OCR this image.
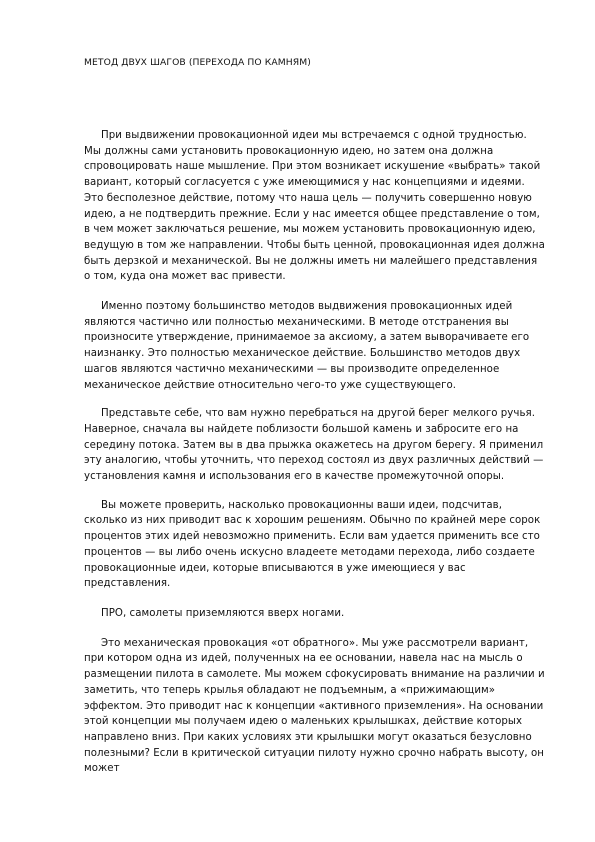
МЕТОД ДВУХ ШАГОВ (ПЕРЕХОДА ПО КАМНЯМ)

При выдвижении провокационной идеи мы встречаемся с одной трудностью. Мы должны сами установить провокационную идею, но затем она должна спровоцировать наше мышление. При этом возникает искушение «выбрать» такой вариант, который согласуется с уже имеющимися у нас концепциями и идеями. Это бесполезное действие, потому что наша цель — получить совершенно новую идею, а не подтвердить прежние. Если у нас имеется общее представление о том, в чем может заключаться решение, мы можем установить провокационную идею, ведущую в том же направлении. Чтобы быть ценной, провокационная идея должна быть дерзкой и механической. Вы не должны иметь ни малейшего представления о том, куда она может вас привести.

Именно поэтому большинство методов выдвижения провокационных идей являются частично или полностью механическими. В методе отстранения вы произносите утверждение, принимаемое за аксиому, а затем выворачиваете его наизнанку. Это полностью механическое действие. Большинство методов двух шагов являются частично механическими — вы производите определенное механическое действие относительно чего-то уже существующего.

Представьте себе, что вам нужно перебраться на другой берег мелкого ручья. Наверное, сначала вы найдете поблизости большой камень и забросите его на середину потока. Затем вы в два прыжка окажетесь на другом берегу. Я применил эту аналогию, чтобы уточнить, что переход состоял из двух различных действий — установления камня и использования его в качестве промежуточной опоры.

Вы можете проверить, насколько провокационны ваши идеи, подсчитав, сколько из них приводит вас к хорошим решениям. Обычно по крайней мере сорок процентов этих идей невозможно применить. Если вам удается применить все сто процентов — вы либо очень искусно владеете методами перехода, либо создаете провокационные идеи, которые вписываются в уже имеющиеся у вас представления.

ПРО, самолеты приземляются вверх ногами.

Это механическая провокация «от обратного». Мы уже рассмотрели вариант, при котором одна из идей, полученных на ее основании, навела нас на мысль о размещении пилота в самолете. Мы можем сфокусировать внимание на различии и заметить, что теперь крылья обладают не подъемным, а «прижимающим» эффектом. Это приводит нас к концепции «активного приземления». На основании этой концепции мы получаем идею о маленьких крылышках, действие которых направлено вниз. При каких условиях эти крылышки могут оказаться безусловно полезными? Если в критической ситуации пилоту нужно срочно набрать высоту, он может
